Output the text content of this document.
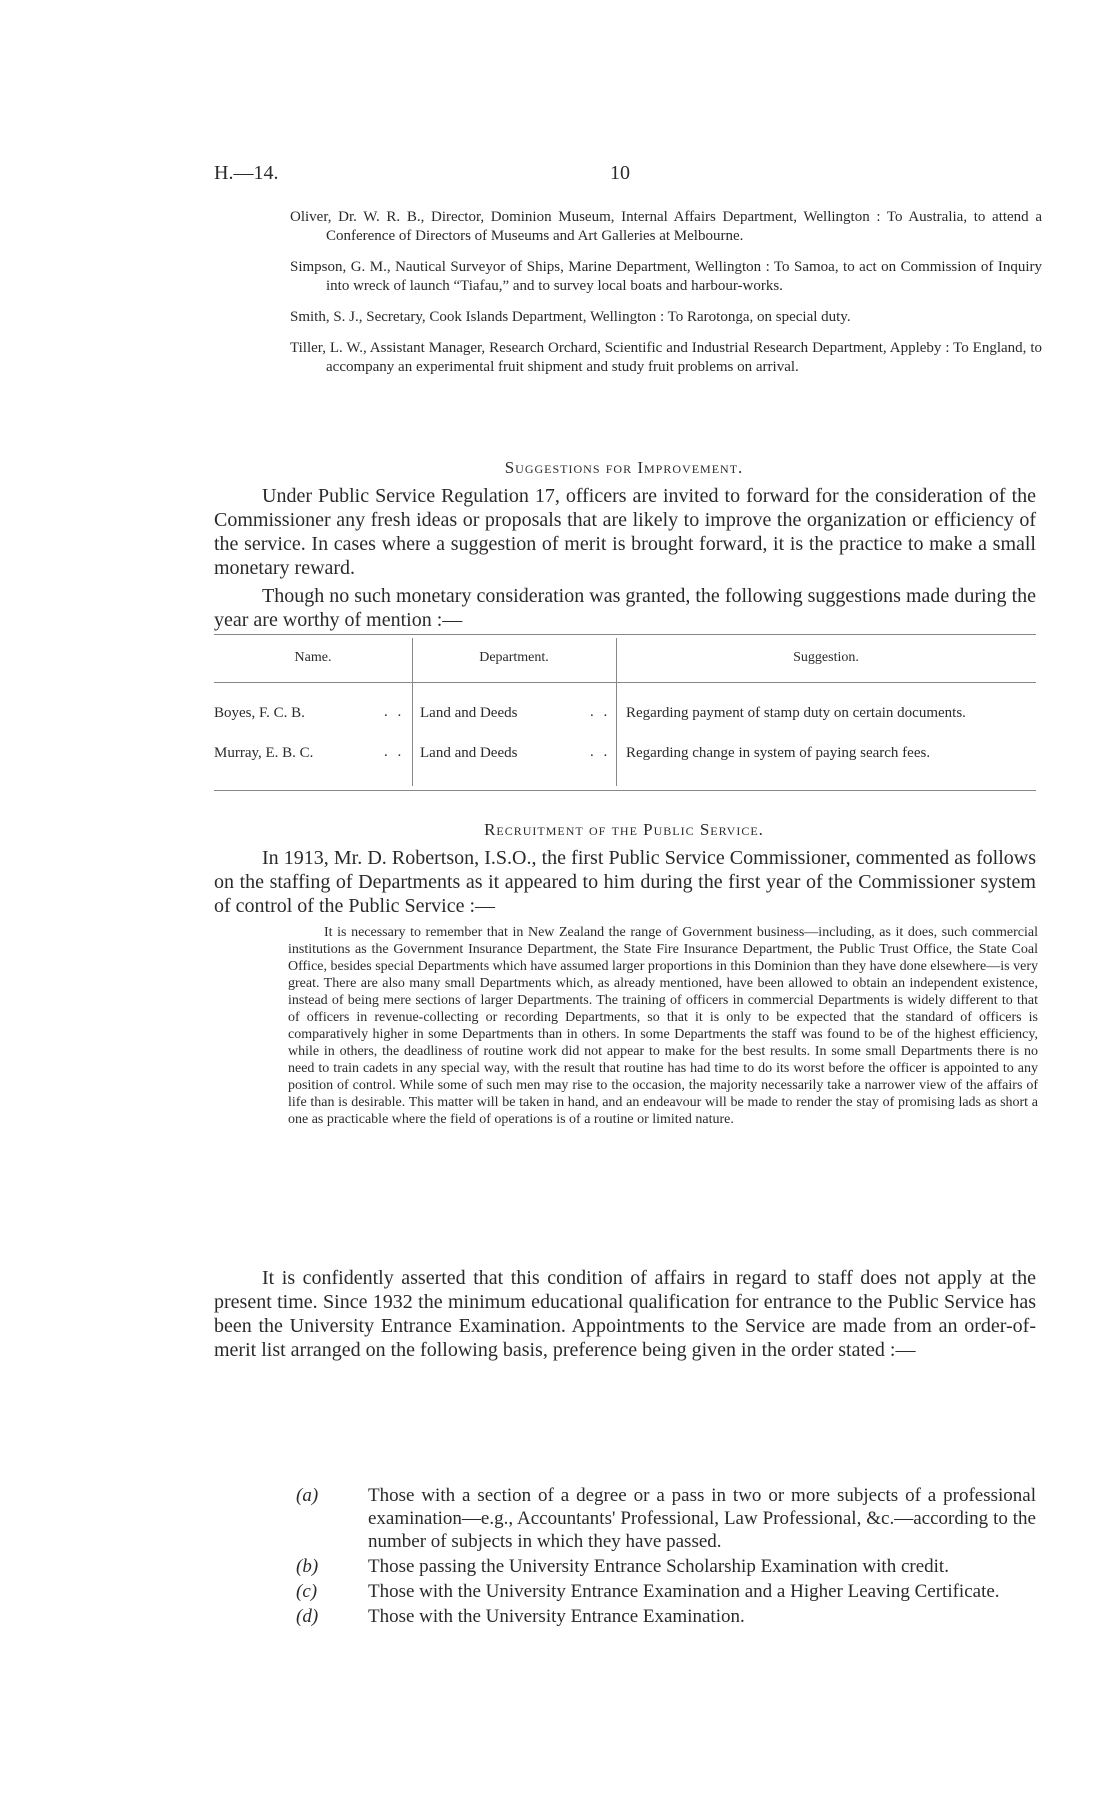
H.—14.	10

Oliver, Dr. W. R. B., Director, Dominion Museum, Internal Affairs Department, Wellington : To Australia, to attend a Conference of Directors of Museums and Art Galleries at Melbourne.

Simpson, G. M., Nautical Surveyor of Ships, Marine Department, Wellington : To Samoa, to act on Commission of Inquiry into wreck of launch “Tiafau,” and to survey local boats and harbour-works.

Smith, S. J., Secretary, Cook Islands Department, Wellington : To Rarotonga, on special duty.

Tiller, L. W., Assistant Manager, Research Orchard, Scientific and Industrial Research Department, Appleby : To England, to accompany an experimental fruit shipment and study fruit problems on arrival.

Suggestions for Improvement.

Under Public Service Regulation 17, officers are invited to forward for the consideration of the Commissioner any fresh ideas or proposals that are likely to improve the organization or efficiency of the service. In cases where a suggestion of merit is brought forward, it is the practice to make a small monetary reward.

Though no such monetary consideration was granted, the following suggestions made during the year are worthy of mention :—

Name.	Department.	Suggestion.
Boyes, F. C. B.	. . Land and Deeds	. . Regarding payment of stamp duty on certain documents.
Murray, E. B. C.	. . Land and Deeds	. . Regarding change in system of paying search fees.
Recruitment of the Public Service.

In 1913, Mr. D. Robertson, I.S.O., the first Public Service Commissioner, commented as follows on the staffing of Departments as it appeared to him during the first year of the Commissioner system of control of the Public Service :—

It is necessary to remember that in New Zealand the range of Government business—including, as it does, such commercial institutions as the Government Insurance Department, the State Fire Insurance Department, the Public Trust Office, the State Coal Office, besides special Departments which have assumed larger proportions in this Dominion than they have done elsewhere—is very great. There are also many small Departments which, as already mentioned, have been allowed to obtain an independent existence, instead of being mere sections of larger Departments. The training of officers in commercial Departments is widely different to that of officers in revenue-collecting or recording Departments, so that it is only to be expected that the standard of officers is comparatively higher in some Departments than in others. In some Departments the staff was found to be of the highest efficiency, while in others, the deadliness of routine work did not appear to make for the best results. In some small Departments there is no need to train cadets in any special way, with the result that routine has had time to do its worst before the officer is appointed to any position of control. While some of such men may rise to the occasion, the majority necessarily take a narrower view of the affairs of life than is desirable. This matter will be taken in hand, and an endeavour will be made to render the stay of promising lads as short a one as practicable where the field of operations is of a routine or limited nature.

It is confidently asserted that this condition of affairs in regard to staff does not apply at the present time. Since 1932 the minimum educational qualification for entrance to the Public Service has been the University Entrance Examination. Appointments to the Service are made from an order-of-merit list arranged on the following basis, preference being given in the order stated :—

(a)	Those with a section of a degree or a pass in two or more subjects of a professional examination—e.g., Accountants' Professional, Law Professional, &c.—according to the number of subjects in which they have passed.
(b)	Those passing the University Entrance Scholarship Examination with credit.
(c)	Those with the University Entrance Examination and a Higher Leaving Certificate.
(d)	Those with the University Entrance Examination.
